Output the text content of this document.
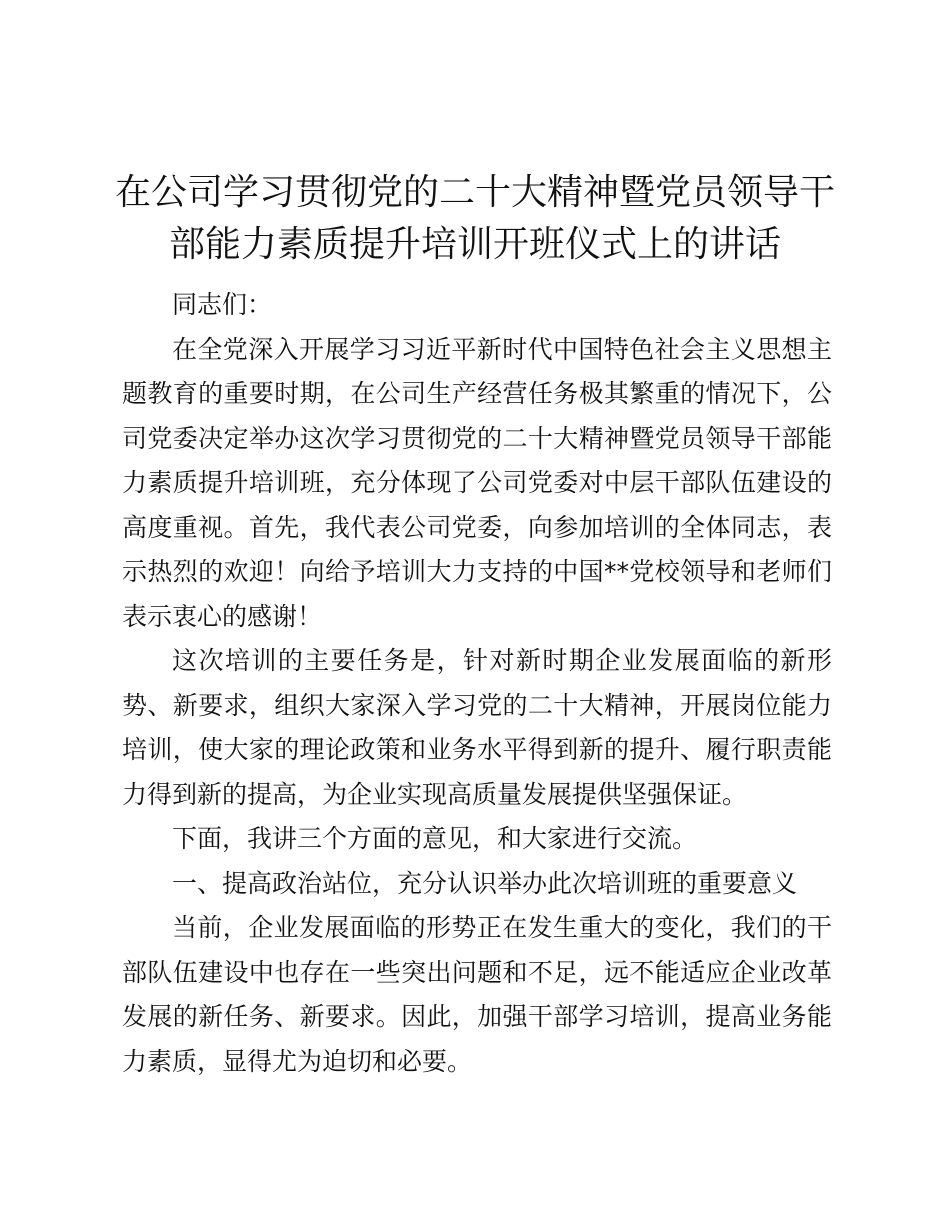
在公司学习贯彻党的二十大精神暨党员领导干部能力素质提升培训开班仪式上的讲话

同志们：

在全党深入开展学习习近平新时代中国特色社会主义思想主题教育的重要时期，在公司生产经营任务极其繁重的情况下，公司党委决定举办这次学习贯彻党的二十大精神暨党员领导干部能力素质提升培训班，充分体现了公司党委对中层干部队伍建设的高度重视。首先，我代表公司党委，向参加培训的全体同志，表示热烈的欢迎！向给予培训大力支持的中国**党校领导和老师们表示衷心的感谢！

这次培训的主要任务是，针对新时期企业发展面临的新形势、新要求，组织大家深入学习党的二十大精神，开展岗位能力培训，使大家的理论政策和业务水平得到新的提升、履行职责能力得到新的提高，为企业实现高质量发展提供坚强保证。

下面，我讲三个方面的意见，和大家进行交流。

一、提高政治站位，充分认识举办此次培训班的重要意义

当前，企业发展面临的形势正在发生重大的变化，我们的干部队伍建设中也存在一些突出问题和不足，远不能适应企业改革发展的新任务、新要求。因此，加强干部学习培训，提高业务能力素质，显得尤为迫切和必要。
